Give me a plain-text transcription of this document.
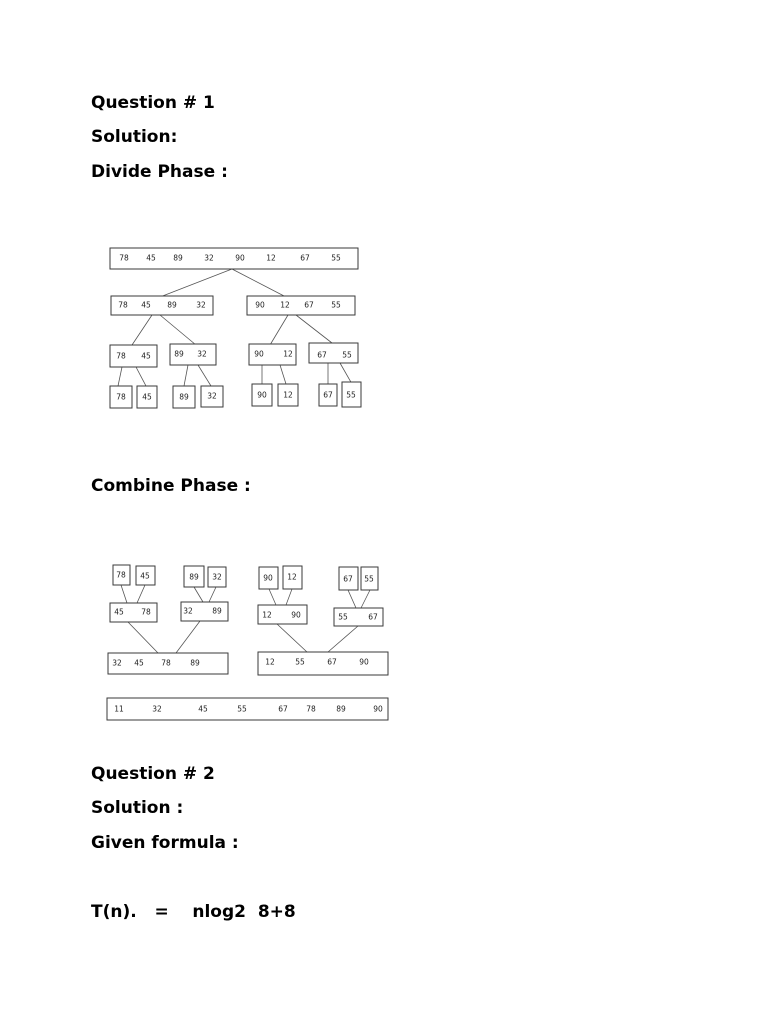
Question # 1

Solution:

Divide Phase :

78 45 89	32	90	12	67	55
78 45 89	32	90 12 67 55
78 45	89 32	90	12	67 55
78 45	89 32	90 12	67 55

Combine Phase :

78 45	89 32	90 12	67 55
45 78	32	89	12	90	55	67
32 45 78	89	12	55	67	90
11	32	45	55	67 78	89	90

Question # 2

Solution :

Given formula :

T(n).   =    nlog2  8+8
